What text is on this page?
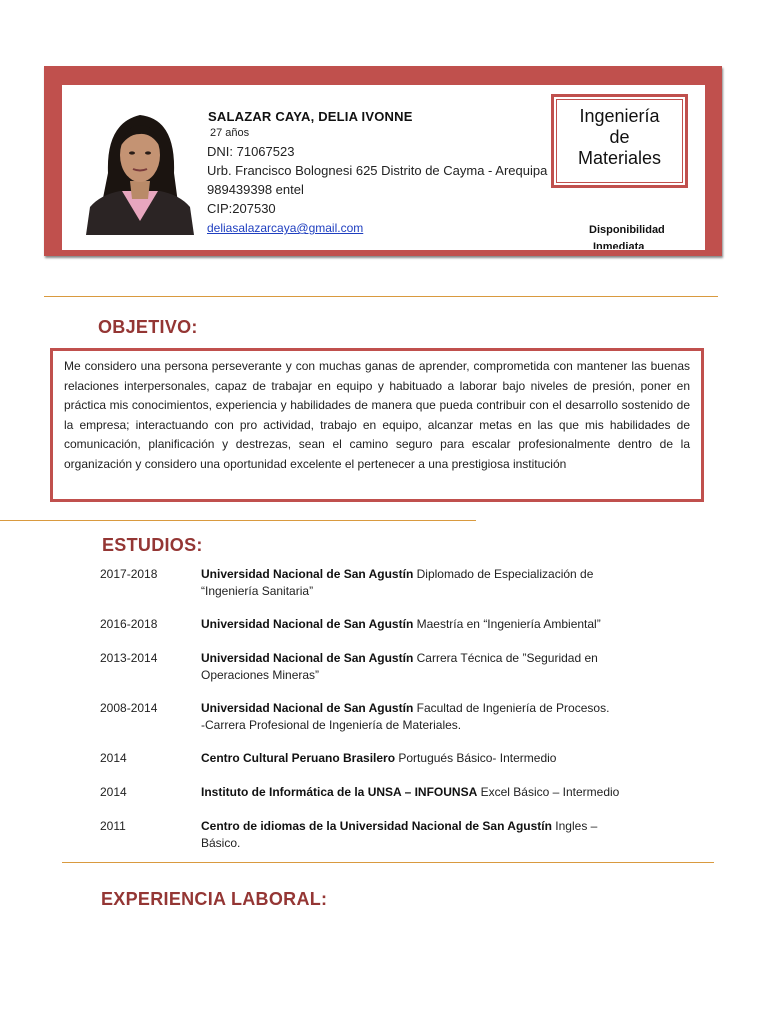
SALAZAR CAYA, DELIA IVONNE
27 años
DNI: 71067523
Urb. Francisco Bolognesi 625 Distrito de Cayma - Arequipa
989439398 entel
CIP:207530
deliasalazarcaya@gmail.com
Ingeniería
de
Materiales
Disponibilidad
Inmediata
OBJETIVO:
Me considero una persona perseverante y con muchas ganas de aprender, comprometida con mantener las buenas relaciones interpersonales, capaz de trabajar en equipo y habituado a laborar bajo niveles de presión, poner en práctica mis conocimientos, experiencia y habilidades de manera que pueda contribuir con el desarrollo sostenido de la empresa; interactuando con pro actividad, trabajo en equipo, alcanzar metas en las que mis habilidades de comunicación, planificación y destrezas, sean el camino seguro para escalar profesionalmente dentro de la organización y considero una oportunidad excelente el pertenecer a una prestigiosa institución
ESTUDIOS:
2017-2018	Universidad Nacional de San Agustín Diplomado de Especialización de “Ingeniería Sanitaria”
2016-2018	Universidad Nacional de San Agustín Maestría en “Ingeniería Ambiental”
2013-2014	Universidad Nacional de San Agustín Carrera Técnica de ”Seguridad en Operaciones Mineras”
2008-2014	Universidad Nacional de San Agustín Facultad de Ingeniería de Procesos.
-Carrera Profesional de Ingeniería de Materiales.
2014	Centro Cultural Peruano Brasilero Portugués Básico- Intermedio
2014	Instituto de Informática de la UNSA – INFOUNSA Excel Básico – Intermedio
2011	Centro de idiomas de la Universidad Nacional de San Agustín Ingles – Básico.
EXPERIENCIA LABORAL:
